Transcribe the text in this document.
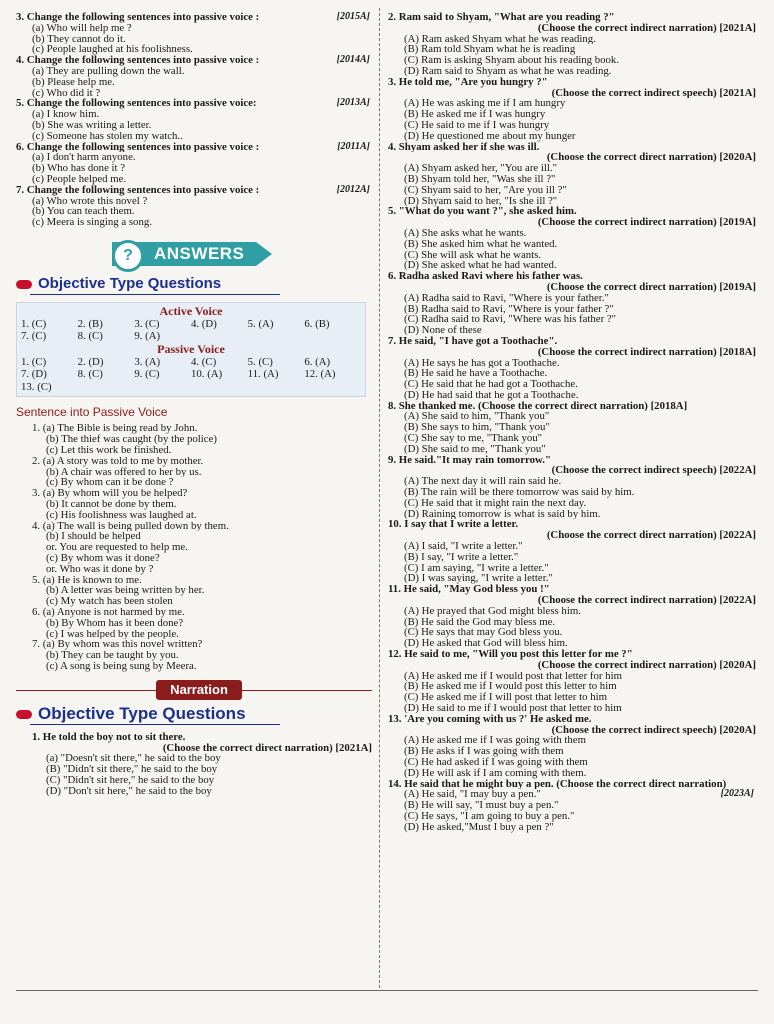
3. Change the following sentences into passive voice :	[2015A]
(a) Who will help me ?
(b) They cannot do it.
(c) People laughed at his foolishness.
4. Change the following sentences into passive voice :	[2014A]
(a) They are pulling down the wall.
(b) Please help me.
(c) Who did it ?
5. Change the following sentences into passive voice:	[2013A]
(a) I know him.
(b) She was writing a letter.
(c) Someone has stolen my watch..
6. Change the following sentences into passive voice :	[2011A]
(a) I don't harm anyone.
(b) Who has done it ?
(c) People helped me.
7. Change the following sentences into passive voice :	[2012A]
(a) Who wrote this novel ?
(b) You can teach them.
(c) Meera is singing a song.
?	ANSWERS
Objective Type Questions
Active Voice
1. (C)	2. (B)	3. (C)	4. (D)	5. (A)	6. (B)
7. (C)	8. (C)	9. (A)
Passive Voice
1. (C)	2. (D)	3. (A)	4. (C)	5. (C)	6. (A)
7. (D)	8. (C)	9. (C)	10. (A)	11. (A)	12. (A)
13. (C)
Sentence into Passive Voice
1. (a) The Bible is being read by John.
(b) The thief was caught (by the police)
(c) Let this work be finished.
2. (a) A story was told to me by mother.
(b) A chair was offered to her by us.
(c) By whom can it be done ?
3. (a) By whom will you be helped?
(b) It cannot be done by them.
(c) His foolishness was laughed at.
4. (a) The wall is being pulled down by them.
(b) I should be helped
or. You are requested to help me.
(c) By whom was it done?
or. Who was it done by ?
5. (a) He is known to me.
(b) A letter was being written by her.
(c) My watch has been stolen
6. (a) Anyone is not harmed by me.
(b) By Whom has it been done?
(c) I was helped by the people.
7. (a) By whom was this novel written?
(b) They can be taught by you.
(c) A song is being sung by Meera.
Narration
Objective Type Questions
1. He told the boy not to sit there.
(Choose the correct direct narration) [2021A]
(a) "Doesn't sit there," he said to the boy
(B) "Didn't sit there," he said to the boy
(C) "Didn't sit here," he said to the boy
(D) "Don't sit here," he said to the boy
2. Ram said to Shyam, "What are you reading ?"
(Choose the correct indirect narration) [2021A]
(A) Ram asked Shyam what he was reading.
(B) Ram told Shyam what he is reading
(C) Ram is asking Shyam about his reading book.
(D) Ram said to Shyam as what he was reading.
3. He told me, "Are you hungry ?"
(Choose the correct indirect speech) [2021A]
(A) He was asking me if I am hungry
(B) He asked me if I was hungry
(C) He said to me if I was hungry
(D) He questioned me about my hunger
4. Shyam asked her if she was ill.
(Choose the correct direct narration) [2020A]
(A) Shyam asked her, "You are ill."
(B) Shyam told her, "Was she ill ?"
(C) Shyam said to her, "Are you ill ?"
(D) Shyam said to her, "Is she ill ?"
5. "What do you want ?", she asked him.
(Choose the correct indirect narration) [2019A]
(A) She asks what he wants.
(B) She asked him what he wanted.
(C) She will ask what he wants.
(D) She asked what he had wanted.
6. Radha asked Ravi where his father was.
(Choose the correct direct narration) [2019A]
(A) Radha said to Ravi, "Where is your father."
(B) Radha said to Ravi, "Where is your father ?"
(C) Radha said to Ravi, "Where was his father ?"
(D) None of these
7. He said, "I have got a Toothache".
(Choose the correct indirect narration) [2018A]
(A) He says he has got a Toothache.
(B) He said he have a Toothache.
(C) He said that he had got a Toothache.
(D) He had said that he got a Toothache.
8. She thanked me. (Choose the correct direct narration) [2018A]
(A) She said to him, "Thank you"
(B) She says to him, "Thank you"
(C) She say to me, "Thank you"
(D) She said to me, "Thank you"
9. He said."It may rain tomorrow."
(Choose the correct indirect speech) [2022A]
(A) The next day it will rain said he.
(B) The rain will be there tomorrow was said by him.
(C) He said that it might rain the next day.
(D) Raining tomorrow is what is said by him.
10. I say that I write a letter.
(Choose the correct direct narration) [2022A]
(A) I said, "I write a letter."
(B) I say, "I write a letter."
(C) I am saying, "I write a letter."
(D) I was saying, "I write a letter."
11. He said, "May God bless you !"
(Choose the correct indirect narration) [2022A]
(A) He prayed that God might bless him.
(B) He said the God may bless me.
(C) He says that may God bless you.
(D) He asked that God will bless him.
12. He said to me, "Will you post this letter for me ?"
(Choose the correct indirect narration) [2020A]
(A) He asked me if I would post that letter for him
(B) He asked me if I would post this letter to him
(C) He asked me if I will post that letter to him
(D) He said to me if I would post that letter to him
13. 'Are you coming with us ?' He asked me.
(Choose the correct indirect speech) [2020A]
(A) He asked me if I was going with them
(B) He asks if I was going with them
(C) He had asked if I was going with them
(D) He will ask if I am coming with them.
14. He said that he might buy a pen. (Choose the correct direct narration)
(A) He said, "I may buy a pen."	[2023A]
(B) He will say, "I must buy a pen."
(C) He says, "I am going to buy a pen."
(D) He asked,"Must I buy a pen ?"
